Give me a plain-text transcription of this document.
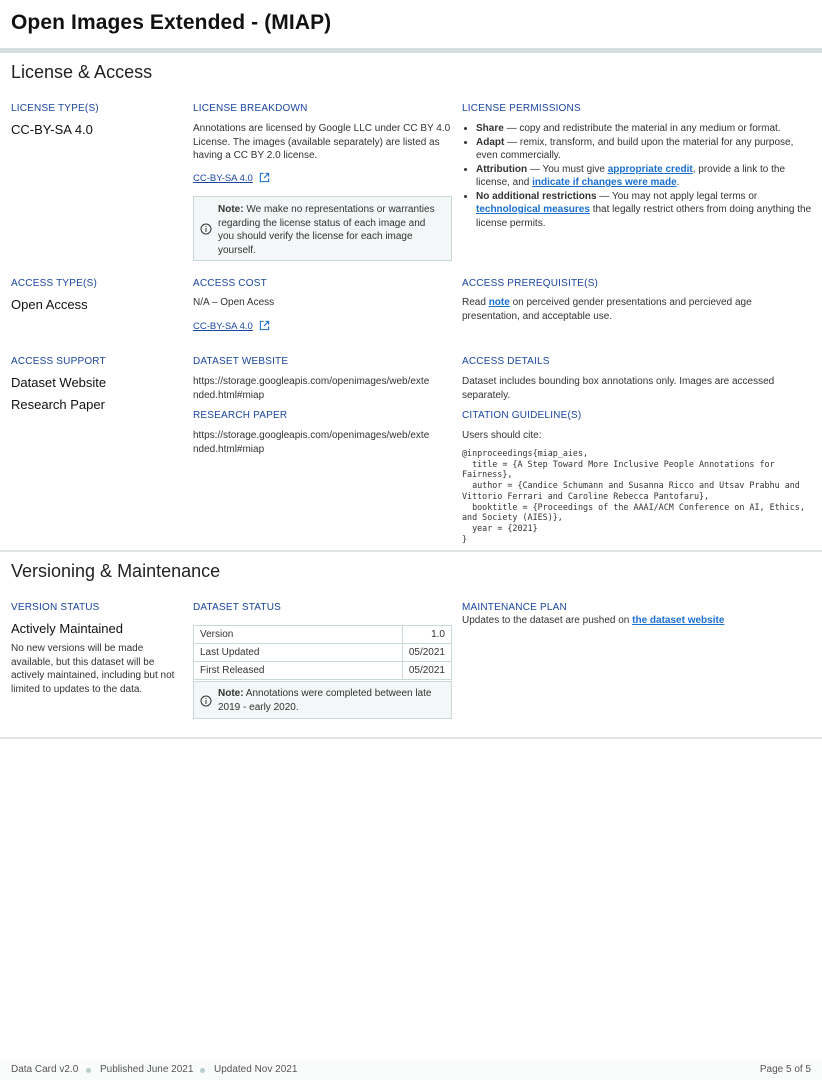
Open Images Extended - (MIAP)
License & Access
LICENSE TYPE(S)
CC-BY-SA 4.0
LICENSE BREAKDOWN
Annotations are licensed by Google LLC under CC BY 4.0 License. The images (available separately) are listed as having a CC BY 2.0 license.
CC-BY-SA 4.0
Note: We make no representations or warranties regarding the license status of each image and you should verify the license for each image yourself.
LICENSE PERMISSIONS
• Share — copy and redistribute the material in any medium or format.
• Adapt — remix, transform, and build upon the material for any purpose, even commercially.
• Attribution — You must give appropriate credit, provide a link to the license, and indicate if changes were made.
• No additional restrictions — You may not apply legal terms or technological measures that legally restrict others from doing anything the license permits.
ACCESS TYPE(S)
Open Access
ACCESS COST
N/A – Open Acess
CC-BY-SA 4.0
ACCESS PREREQUISITE(S)
Read note on perceived gender presentations and percieved age presentation, and acceptable use.
ACCESS SUPPORT
Dataset Website
Research Paper
DATASET WEBSITE
https://storage.googleapis.com/openimages/web/extended.html#miap
RESEARCH PAPER
https://storage.googleapis.com/openimages/web/extended.html#miap
ACCESS DETAILS
Dataset includes bounding box annotations only. Images are accessed separately.
CITATION GUIDELINE(S)
Users should cite:
@inproceedings{miap_aies,
title = {A Step Toward More Inclusive People Annotations for Fairness},
author = {Candice Schumann and Susanna Ricco and Utsav Prabhu and Vittorio Ferrari and Caroline Rebecca Pantofaru},
booktitle = {Proceedings of the AAAI/ACM Conference on AI, Ethics, and Society (AIES)},
year = {2021}
}
Versioning & Maintenance
VERSION STATUS
Actively Maintained
No new versions will be made available, but this dataset will be actively maintained, including but not limited to updates to the data.
DATASET STATUS
Version	1.0
Last Updated	05/2021
First Released	05/2021
Note: Annotations were completed between late 2019 - early 2020.
MAINTENANCE PLAN
Updates to the dataset are pushed on the dataset website
Data Card v2.0 Published June 2021 Updated Nov 2021	Page 5 of 5
